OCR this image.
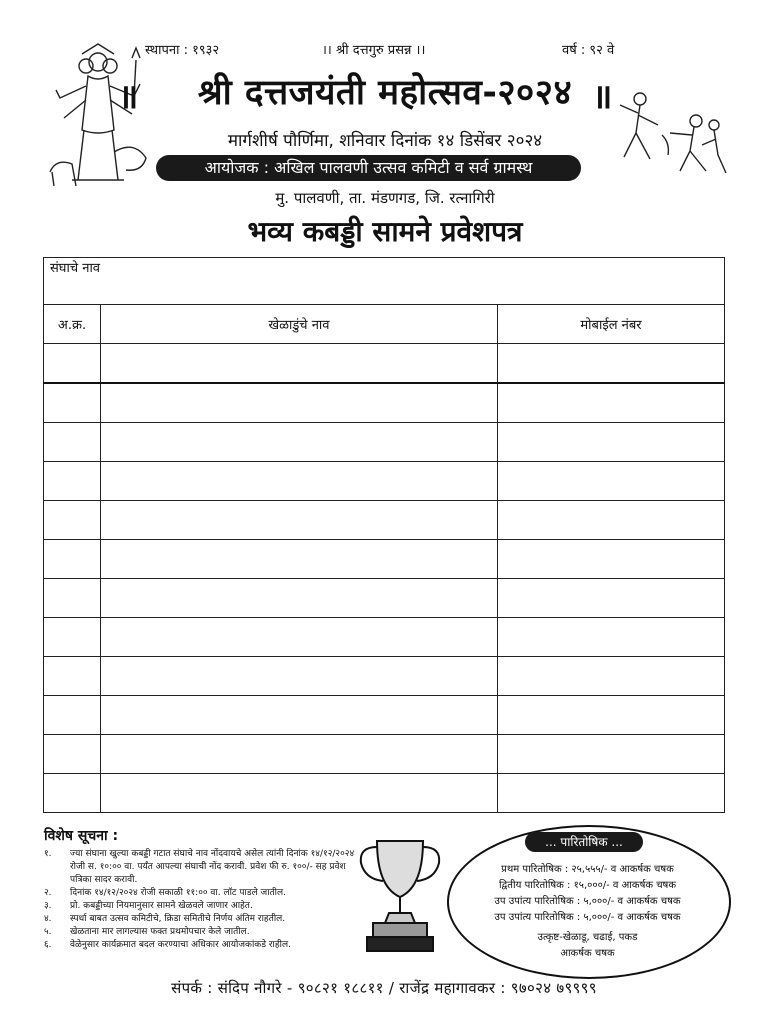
स्थापना : १९३२	।। श्री दत्तगुरु प्रसन्न ।।	वर्ष : ९२ वे
॥	श्री दत्तजयंती महोत्सव-२०२४ ॥
मार्गशीर्ष पौर्णिमा, शनिवार दिनांक १४ डिसेंबर २०२४
आयोजक : अखिल पालवणी उत्सव कमिटी व सर्व ग्रामस्थ
मु. पालवणी, ता. मंडणगड, जि. रत्नागिरी
भव्य कबड्डी सामने प्रवेशपत्र
संघाचे नाव		
अ.क्र.	खेळाडुंचे नाव	मोबाईल नंबर

विशेष सूचना :
१.	ज्या संघाना खुल्या कबड्डी गटात संघाचे नाव नोंदवायचे असेल त्यांनी दिनांक १४/१२/२०२४ रोजी स. १०:०० वा. पर्यंत आपल्या संघाची नोंद करावी. प्रवेश फी रु. १००/- सह प्रवेश पत्रिका सादर करावी.
२.	दिनांक १४/१२/२०२४ रोजी सकाळी ११:०० वा. लॉट पाडले जातील.
३.	प्रो. कबड्डीच्या नियमानुसार सामने खेळवले जाणार आहेत.
४.	स्पर्धा बाबत उत्सव कमिटीचे, क्रिडा समितीचे निर्णय अंतिम राहतील.
५.	खेळताना मार लागल्यास फक्त प्रथमोपचार केले जातील.
६.	वेळेनुसार कार्यक्रमात बदल करण्याचा अधिकार आयोजकांकडे राहील.
... पारितोषिक ...
प्रथम पारितोषिक : २५,५५५/- व आकर्षक चषक
द्वितीय पारितोषिक : १५,०००/- व आकर्षक चषक
उप उपांत्य पारितोषिक : ५,०००/- व आकर्षक चषक
उप उपांत्य पारितोषिक : ५,०००/- व आकर्षक चषक
उत्कृष्ट-खेळाडू, चढाई, पकड
आकर्षक चषक
संपर्क : संदिप नौगरे - ९०८२१ १८८११ / राजेंद्र महागावकर : ९७०२४ ७९९९९
